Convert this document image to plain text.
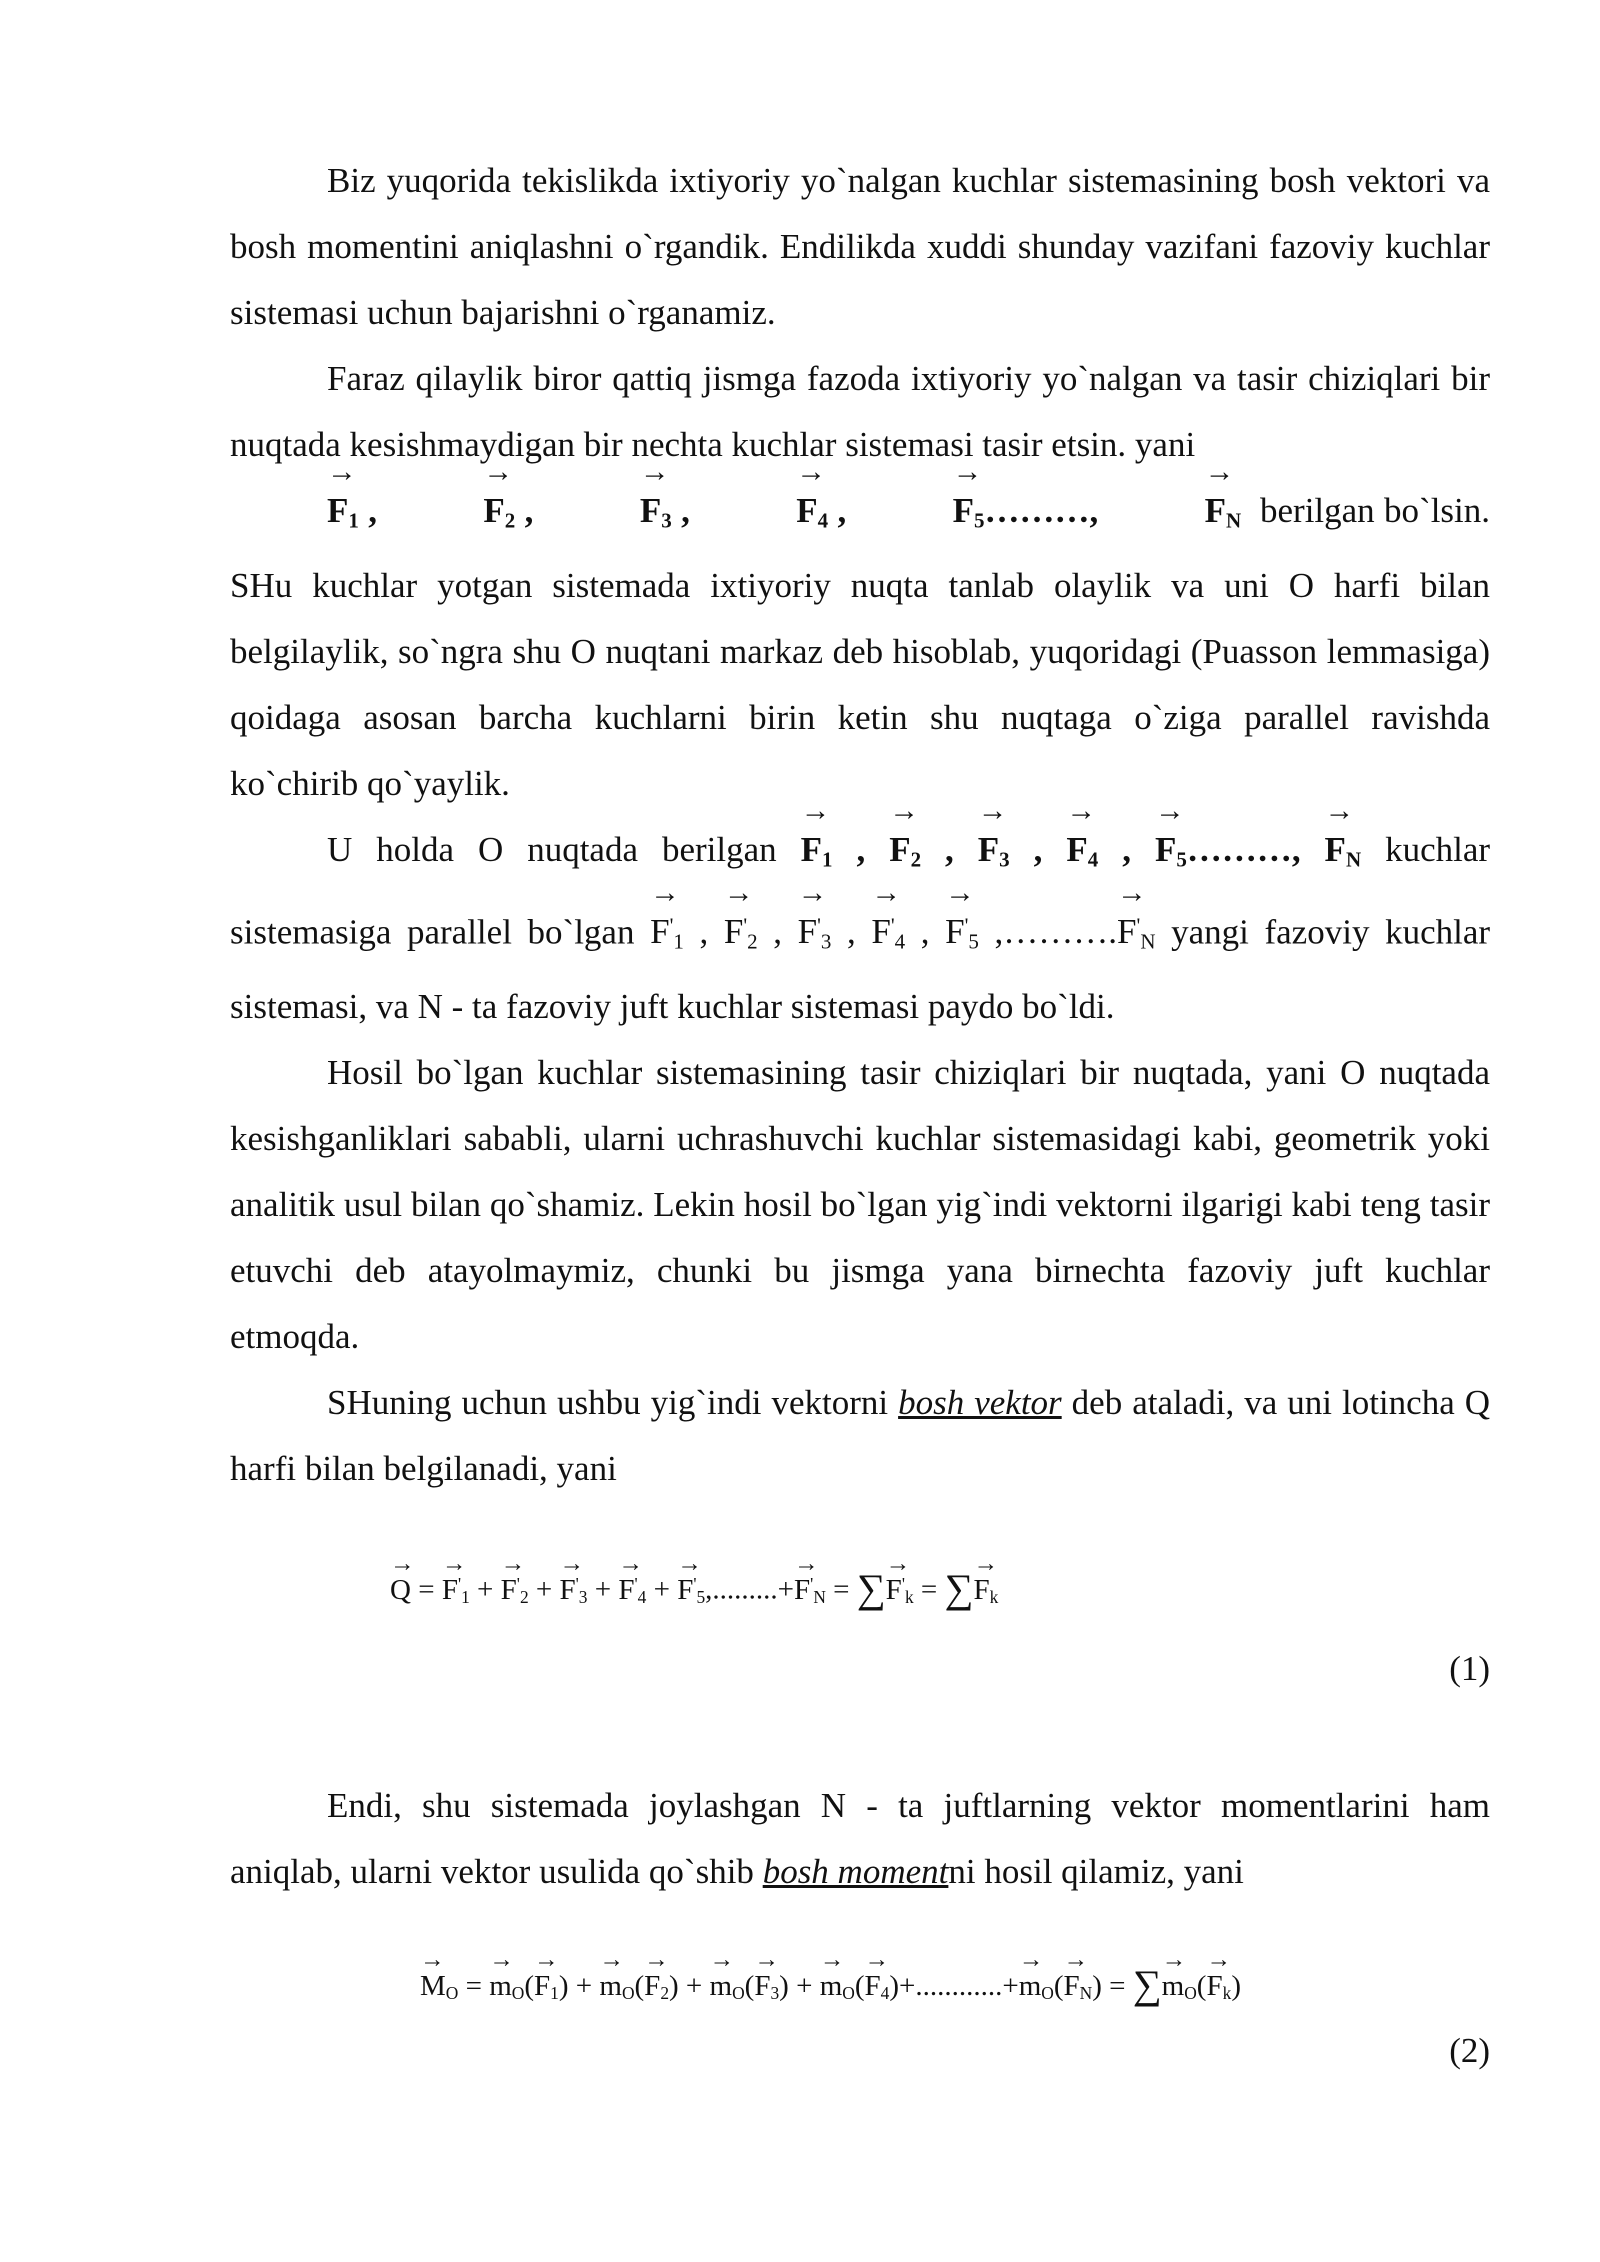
Biz yuqorida tekislikda ixtiyoriy yo`nalgan kuchlar sistemasining bosh vektori va bosh momentini aniqlashni o`rgandik. Endilikda xuddi shunday vazifani fazoviy kuchlar sistemasi uchun bajarishni o`rganamiz.

Faraz qilaylik biror qattiq jismga fazoda ixtiyoriy yo`nalgan va tasir chiziqlari bir nuqtada kesishmaydigan bir nechta kuchlar sistemasi tasir etsin. yani
→ $F_1$ ,	→ $F_2$ ,	→ $F_3$ ,	→ $F_4$ ,	→ $F_5\dots\dots\dots$,	→ $F_N$ berilgan bo`lsin. SHu kuchlar yotgan sistemada ixtiyoriy nuqta tanlab olaylik va uni O harfi bilan belgilaylik, so`ngra shu O nuqtani markaz deb hisoblab, yuqoridagi (Puasson lemmasiga) qoidaga asosan barcha kuchlarni birin ketin shu nuqtaga o`ziga parallel ravishda ko`chirib qo`yaylik.

U holda O nuqtada berilgan → $F_1$ , → $F_2$ , → $F_3$ , → $F_4$ , → $F_5\dots\dots\dots$, → $F_N$ kuchlar
sistemasiga parallel bo`lgan → $F'_1$ , → $F'_2$ , → $F'_3$ , → $F'_4$ , → $F'_5$ ,……….→ $F'_N$ yangi fazoviy kuchlar
sistemasi, va N - ta fazoviy juft kuchlar sistemasi paydo bo`ldi.

Hosil bo`lgan kuchlar sistemasining tasir chiziqlari bir nuqtada, yani O nuqtada kesishganliklari sababli, ularni uchrashuvchi kuchlar sistemasidagi kabi, geometrik yoki analitik usul bilan qo`shamiz. Lekin hosil bo`lgan yig`indi vektorni ilgarigi kabi teng tasir etuvchi deb atayolmaymiz, chunki bu jismga yana birnechta fazoviy juft kuchlar etmoqda.

SHuning uchun ushbu yig`indi vektorni bosh vektor deb ataladi, va uni lotincha Q harfi bilan belgilanadi, yani

→ Q = → $F'_1$ + → $F'_2$ + → $F'_3$ + → $F'_4$ + → $F'_5,.........+\to F'_N$ = ∑→ $F'_k$ = ∑→ $F_k$

(1)

Endi, shu sistemada joylashgan N - ta juftlarning vektor momentlarini ham aniqlab, ularni vektor usulida qo`shib bosh momentni hosil qilamiz, yani

→ $M_O$ = → $m_O(\to F_1)$ + → $m_O(\to F_2)$ + → $m_O(\to F_3)$ + → $m_O(\to F_4)+............+\to m_O(\to F_N)$ = ∑→ $m_O(\to F_k)$

(2)
